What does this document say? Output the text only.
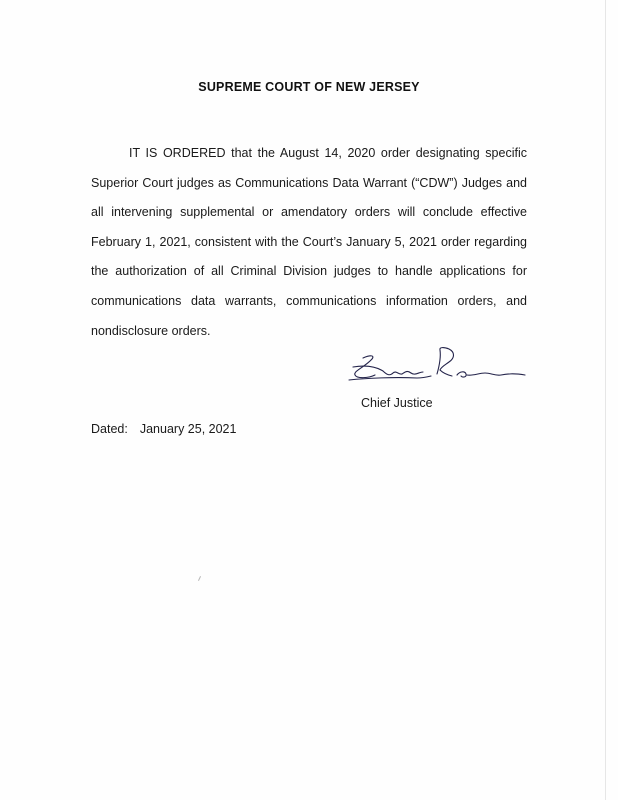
SUPREME COURT OF NEW JERSEY

IT IS ORDERED that the August 14, 2020 order designating specific Superior Court judges as Communications Data Warrant (“CDW”) Judges and all intervening supplemental or amendatory orders will conclude effective February 1, 2021, consistent with the Court’s January 5, 2021 order regarding the authorization of all Criminal Division judges to handle applications for communications data warrants, communications information orders, and nondisclosure orders.

Chief Justice
Dated: January 25, 2021
